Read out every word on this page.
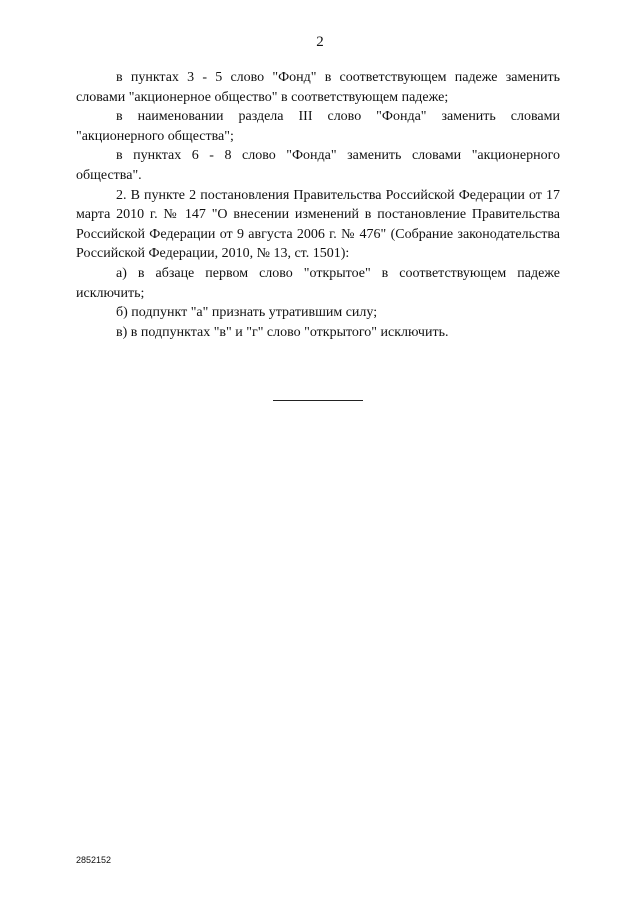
2

в пунктах 3 - 5 слово "Фонд" в соответствующем падеже заменить словами "акционерное общество" в соответствующем падеже;

в наименовании раздела III слово "Фонда" заменить словами "акционерного общества";

в пунктах 6 - 8 слово "Фонда" заменить словами "акционерного общества".

2. В пункте 2 постановления Правительства Российской Федерации от 17 марта 2010 г. № 147 "О внесении изменений в постановление Правительства Российской Федерации от 9 августа 2006 г. № 476" (Собрание законодательства Российской Федерации, 2010, № 13, ст. 1501):

а) в абзаце первом слово "открытое" в соответствующем падеже исключить;

б) подпункт "а" признать утратившим силу;

в) в подпунктах "в" и "г" слово "открытого" исключить.

2852152
